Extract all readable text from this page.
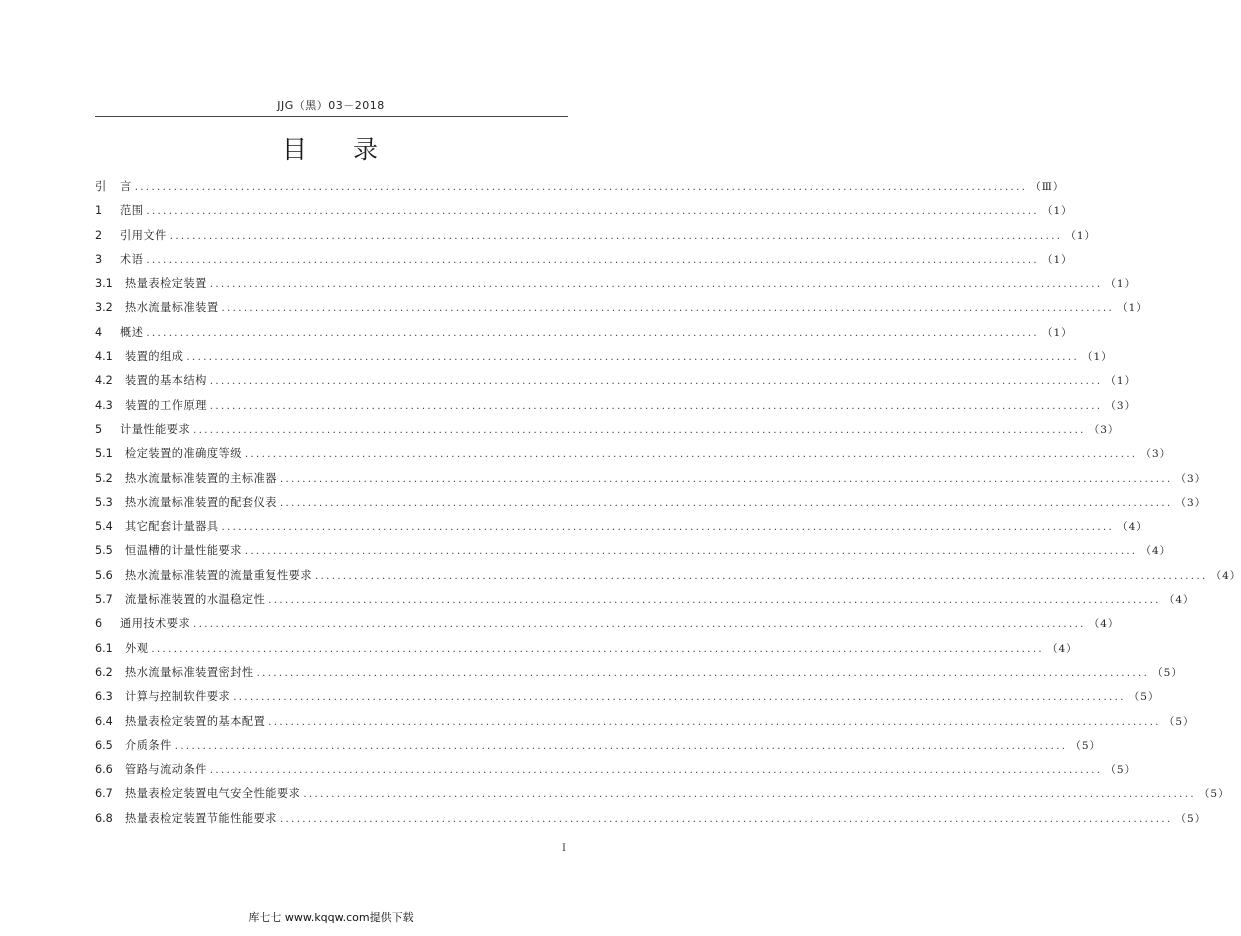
JJG（黑）03－2018
目 录
引	言 ................................................................................................................................................................ （Ⅲ）
1	范围 ................................................................................................................................................................ （1）
2	引用文件 ................................................................................................................................................................ （1）
3	术语 ................................................................................................................................................................ （1）
3.1	热量表检定装置 ................................................................................................................................................................ （1）
3.2	热水流量标准装置 ................................................................................................................................................................ （1）
4	概述 ................................................................................................................................................................ （1）
4.1	装置的组成 ................................................................................................................................................................ （1）
4.2	装置的基本结构 ................................................................................................................................................................ （1）
4.3	装置的工作原理 ................................................................................................................................................................ （3）
5	计量性能要求 ................................................................................................................................................................ （3）
5.1	检定装置的准确度等级 ................................................................................................................................................................ （3）
5.2	热水流量标准装置的主标准器 ................................................................................................................................................................ （3）
5.3	热水流量标准装置的配套仪表 ................................................................................................................................................................ （3）
5.4	其它配套计量器具 ................................................................................................................................................................ （4）
5.5	恒温槽的计量性能要求 ................................................................................................................................................................ （4）
5.6	热水流量标准装置的流量重复性要求 ................................................................................................................................................................ （4）
5.7	流量标准装置的水温稳定性 ................................................................................................................................................................ （4）
6	通用技术要求 ................................................................................................................................................................ （4）
6.1	外观 ................................................................................................................................................................ （4）
6.2	热水流量标准装置密封性 ................................................................................................................................................................ （5）
6.3	计算与控制软件要求 ................................................................................................................................................................ （5）
6.4	热量表检定装置的基本配置 ................................................................................................................................................................ （5）
6.5	介质条件 ................................................................................................................................................................ （5）
6.6	管路与流动条件 ................................................................................................................................................................ （5）
6.7	热量表检定装置电气安全性能要求 ................................................................................................................................................................ （5）
6.8	热量表检定装置节能性能要求 ................................................................................................................................................................ （5）
Ⅰ
库七七 www.kqqw.com提供下载
